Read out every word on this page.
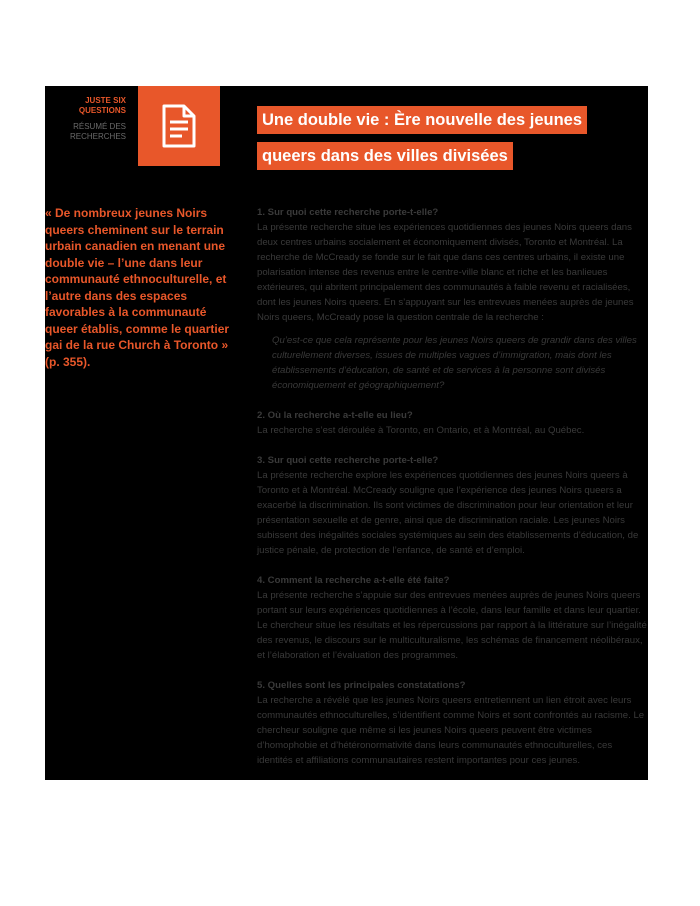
JUSTE SIX
QUESTIONS
RÉSUMÉ DES
RECHERCHES
Une double vie : Ère nouvelle des jeunes
queers dans des villes divisées
« De nombreux jeunes Noirs queers cheminent sur le terrain urbain canadien en menant une double vie – l’une dans leur communauté ethnoculturelle, et l’autre dans des espaces favorables à la communauté queer établis, comme le quartier gai de la rue Church à Toronto » (p. 355).
1. Sur quoi cette recherche porte-t-elle?
La présente recherche situe les expériences quotidiennes des jeunes Noirs queers dans deux centres urbains socialement et économiquement divisés, Toronto et Montréal. La recherche de McCready se fonde sur le fait que dans ces centres urbains, il existe une polarisation intense des revenus entre le centre-ville blanc et riche et les banlieues extérieures, qui abritent principalement des communautés à faible revenu et racialisées, dont les jeunes Noirs queers. En s’appuyant sur les entrevues menées auprès de jeunes Noirs queers, McCready pose la question centrale de la recherche :
Qu’est-ce que cela représente pour les jeunes Noirs queers de grandir dans des villes culturellement diverses, issues de multiples vagues d’immigration, mais dont les établissements d’éducation, de santé et de services à la personne sont divisés économiquement et géographiquement?
2. Où la recherche a-t-elle eu lieu?
La recherche s’est déroulée à Toronto, en Ontario, et à Montréal, au Québec.
3. Sur quoi cette recherche porte-t-elle?
La présente recherche explore les expériences quotidiennes des jeunes Noirs queers à Toronto et à Montréal. McCready souligne que l’expérience des jeunes Noirs queers a exacerbé la discrimination. Ils sont victimes de discrimination pour leur orientation et leur présentation sexuelle et de genre, ainsi que de discrimination raciale. Les jeunes Noirs subissent des inégalités sociales systémiques au sein des établissements d’éducation, de justice pénale, de protection de l’enfance, de santé et d’emploi.
4. Comment la recherche a-t-elle été faite?
La présente recherche s’appuie sur des entrevues menées auprès de jeunes Noirs queers portant sur leurs expériences quotidiennes à l’école, dans leur famille et dans leur quartier. Le chercheur situe les résultats et les répercussions par rapport à la littérature sur l’inégalité des revenus, le discours sur le multiculturalisme, les schémas de financement néolibéraux, et l’élaboration et l’évaluation des programmes.
5. Quelles sont les principales constatations?
La recherche a révélé que les jeunes Noirs queers entretiennent un lien étroit avec leurs communautés ethnoculturelles, s’identifient comme Noirs et sont confrontés au racisme. Le chercheur souligne que même si les jeunes Noirs queers peuvent être victimes d’homophobie et d’hétéronormativité dans leurs communautés ethnoculturelles, ces identités et affiliations communautaires restent importantes pour ces jeunes.
